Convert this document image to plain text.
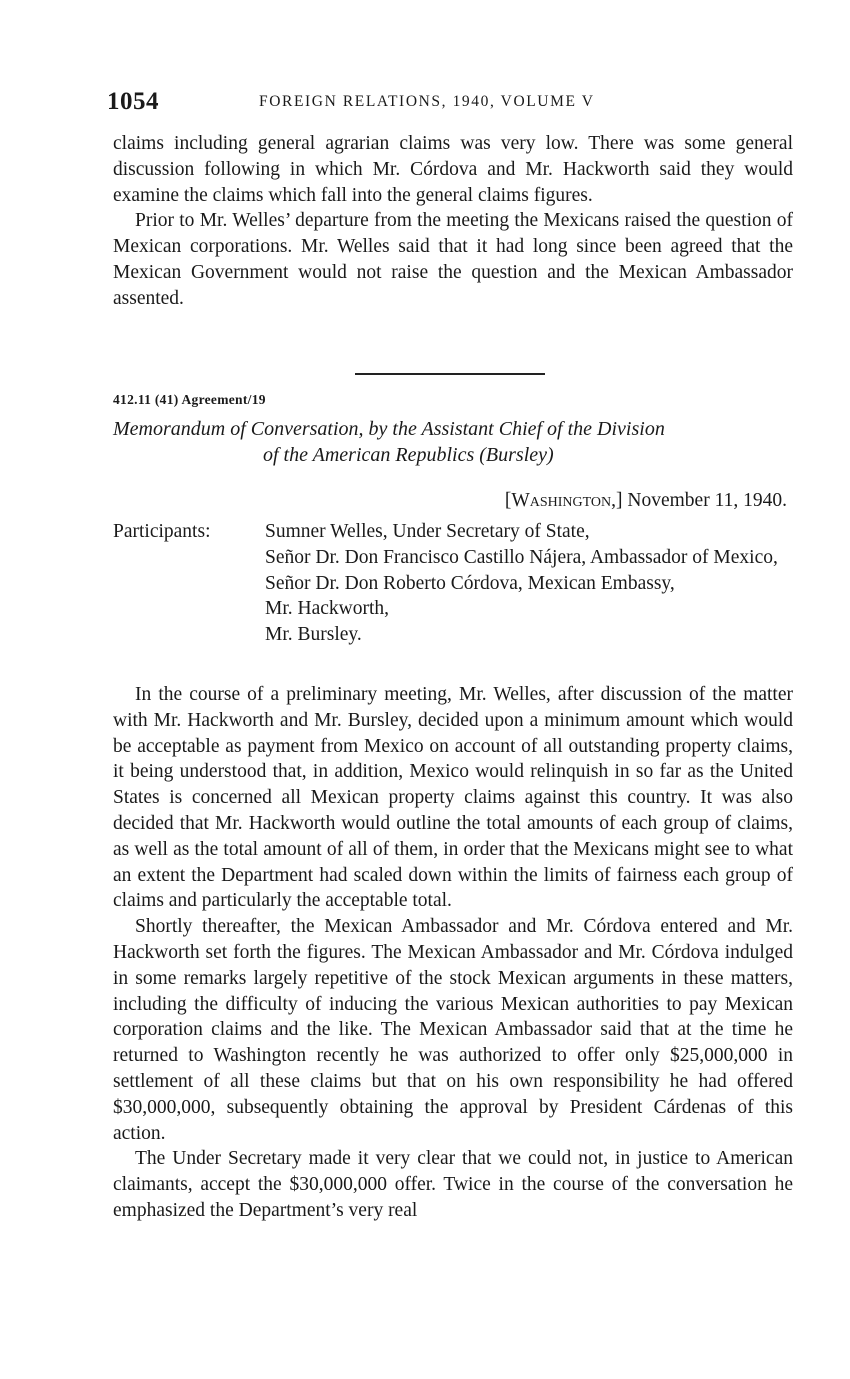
1054	FOREIGN RELATIONS, 1940, VOLUME V

claims including general agrarian claims was very low. There was some general discussion following in which Mr. Córdova and Mr. Hackworth said they would examine the claims which fall into the general claims figures.

Prior to Mr. Welles’ departure from the meeting the Mexicans raised the question of Mexican corporations. Mr. Welles said that it had long since been agreed that the Mexican Government would not raise the question and the Mexican Ambassador assented.

412.11 (41) Agreement/19
Memorandum of Conversation, by the Assistant Chief of the Division
of the American Republics (Bursley)
[Washington,] November 11, 1940.
Participants:	Sumner Welles, Under Secretary of State,
Señor Dr. Don Francisco Castillo Nájera, Ambassador of Mexico,
Señor Dr. Don Roberto Córdova, Mexican Embassy,
Mr. Hackworth,
Mr. Bursley.

In the course of a preliminary meeting, Mr. Welles, after discussion of the matter with Mr. Hackworth and Mr. Bursley, decided upon a minimum amount which would be acceptable as payment from Mexico on account of all outstanding property claims, it being understood that, in addition, Mexico would relinquish in so far as the United States is concerned all Mexican property claims against this country. It was also decided that Mr. Hackworth would outline the total amounts of each group of claims, as well as the total amount of all of them, in order that the Mexicans might see to what an extent the Department had scaled down within the limits of fairness each group of claims and particularly the acceptable total.

Shortly thereafter, the Mexican Ambassador and Mr. Córdova entered and Mr. Hackworth set forth the figures. The Mexican Ambassador and Mr. Córdova indulged in some remarks largely repetitive of the stock Mexican arguments in these matters, including the difficulty of inducing the various Mexican authorities to pay Mexican corporation claims and the like. The Mexican Ambassador said that at the time he returned to Washington recently he was authorized to offer only $25,000,000 in settlement of all these claims but that on his own responsibility he had offered $30,000,000, subsequently obtaining the approval by President Cárdenas of this action.

The Under Secretary made it very clear that we could not, in justice to American claimants, accept the $30,000,000 offer. Twice in the course of the conversation he emphasized the Department’s very real
